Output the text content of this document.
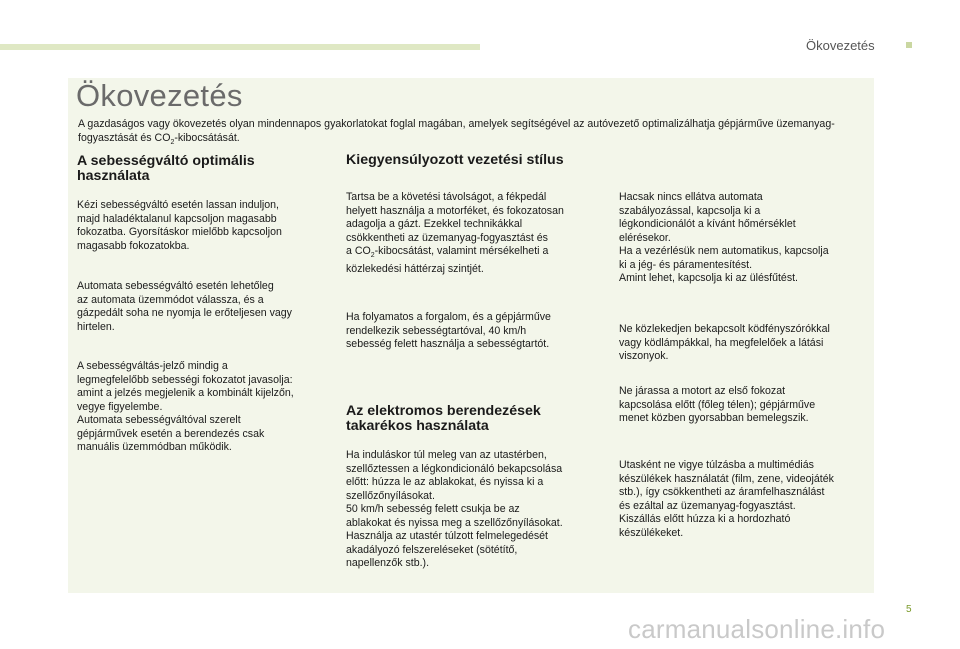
Ökovezetés
Ökovezetés

A gazdaságos vagy ökovezetés olyan mindennapos gyakorlatokat foglal magában, amelyek segítségével az autóvezető optimalizálhatja gépjárműve üzemanyag-fogyasztását és $CO_2$-kibocsátását.

A sebességváltó optimális használata

Kézi sebességváltó esetén lassan induljon,
majd haladéktalanul kapcsoljon magasabb
fokozatba. Gyorsításkor mielőbb kapcsoljon
magasabb fokozatokba.

Automata sebességváltó esetén lehetőleg
az automata üzemmódot válassza, és a
gázpedált soha ne nyomja le erőteljesen vagy
hirtelen.

A sebességváltás-jelző mindig a
legmegfelelőbb sebességi fokozatot javasolja:
amint a jelzés megjelenik a kombinált kijelzőn,
vegye figyelembe.
Automata sebességváltóval szerelt
gépjárművek esetén a berendezés csak
manuális üzemmódban működik.

Kiegyensúlyozott vezetési stílus

Tartsa be a követési távolságot, a fékpedál
helyett használja a motorféket, és fokozatosan
adagolja a gázt. Ezekkel technikákkal
csökkentheti az üzemanyag-fogyasztást és
a $CO_2$-kibocsátást, valamint mérsékelheti a
közlekedési háttérzaj szintjét.

Ha folyamatos a forgalom, és a gépjárműve
rendelkezik sebességtartóval, 40 km/h
sebesség felett használja a sebességtartót.

Az elektromos berendezések takarékos használata

Ha induláskor túl meleg van az utastérben,
szellőztessen a légkondicionáló bekapcsolása
előtt: húzza le az ablakokat, és nyissa ki a
szellőzőnyílásokat.
50 km/h sebesség felett csukja be az
ablakokat és nyissa meg a szellőzőnyílásokat.
Használja az utastér túlzott felmelegedését
akadályozó felszereléseket (sötétítő,
napellenzők stb.).

Hacsak nincs ellátva automata
szabályozással, kapcsolja ki a
légkondicionálót a kívánt hőmérséklet
elérésekor.
Ha a vezérlésük nem automatikus, kapcsolja
ki a jég- és páramentesítést.
Amint lehet, kapcsolja ki az ülésfűtést.

Ne közlekedjen bekapcsolt ködfényszórókkal
vagy ködlámpákkal, ha megfelelőek a látási
viszonyok.

Ne járassa a motort az első fokozat
kapcsolása előtt (főleg télen); gépjárműve
menet közben gyorsabban bemelegszik.

Utasként ne vigye túlzásba a multimédiás
készülékek használatát (film, zene, videojáték
stb.), így csökkentheti az áramfelhasználást
és ezáltal az üzemanyag-fogyasztást.
Kiszállás előtt húzza ki a hordozható
készülékeket.

5
carmanualsonline.info
